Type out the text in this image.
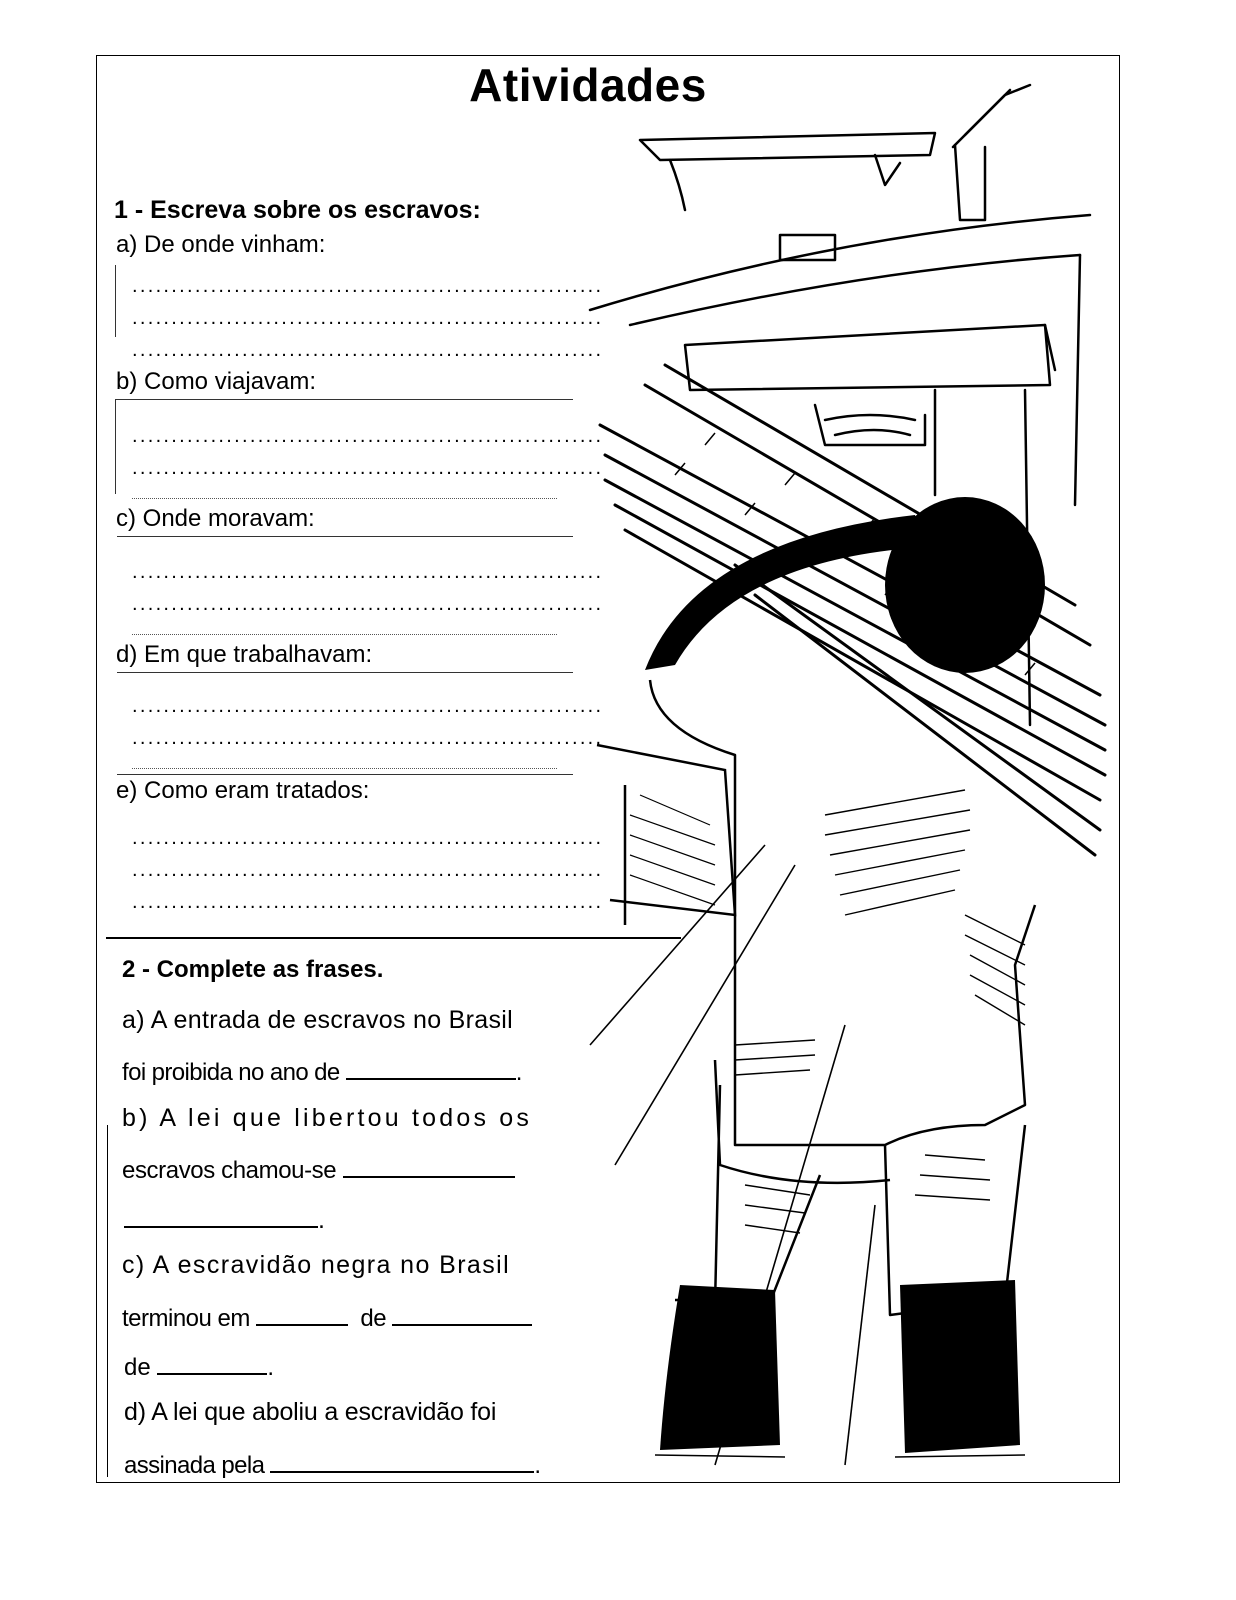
Atividades
1 - Escreva sobre os escravos:
a) De onde vinham:
............................................................
............................................................
............................................................
b) Como viajavam:
............................................................
............................................................
c) Onde moravam:
............................................................
............................................................
d) Em que trabalhavam:
............................................................
............................................................
e) Como eram tratados:
............................................................
............................................................
............................................................
2 - Complete as frases.
a) A entrada de escravos no Brasil
foi proibida no ano de	.
b) A lei que libertou todos os
escravos chamou-se
.
c) A escravidão negra no Brasil
terminou em	de
de	.
d) A lei que aboliu a escravidão foi
assinada pela	.
